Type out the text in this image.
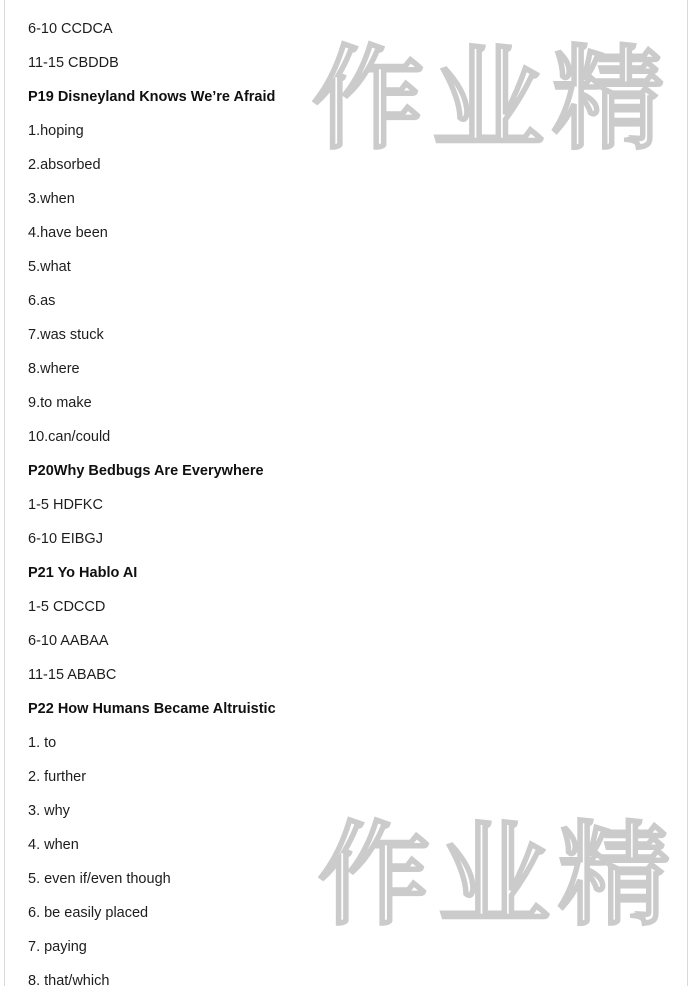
作业精
作业精
6-10 CCDCA
11-15 CBDDB
P19 Disneyland Knows We’re Afraid
1.hoping
2.absorbed
3.when
4.have been
5.what
6.as
7.was stuck
8.where
9.to make
10.can/could
P20Why Bedbugs Are Everywhere
1-5 HDFKC
6-10 EIBGJ
P21 Yo Hablo AI
1-5 CDCCD
6-10 AABAA
11-15 ABABC
P22 How Humans Became Altruistic
1. to
2. further
3. why
4. when
5. even if/even though
6. be easily placed
7. paying
8. that/which
